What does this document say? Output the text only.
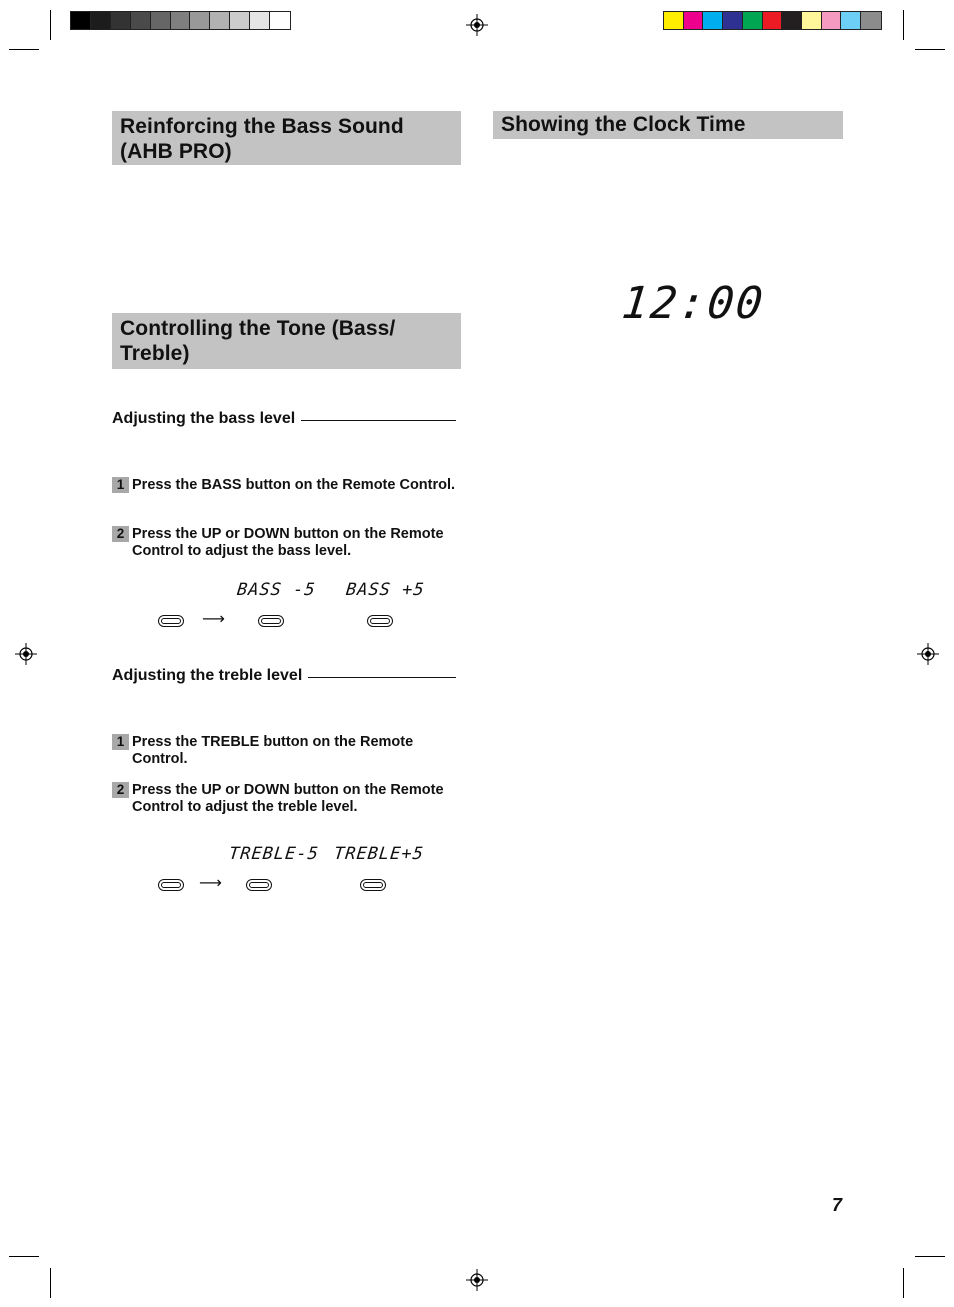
Reinforcing the Bass Sound (AHB PRO)
Controlling the Tone (Bass/ Treble)
Adjusting the bass level
1 Press the BASS button on the Remote Control.
2 Press the UP or DOWN button on the Remote Control to adjust the bass level.
BASS -5 BASS +5
⟶
Adjusting the treble level
1 Press the TREBLE button on the Remote Control.
2 Press the UP or DOWN button on the Remote Control to adjust the treble level.
TREBLE-5 TREBLE+5
⟶
Showing the Clock Time
12:00
7
